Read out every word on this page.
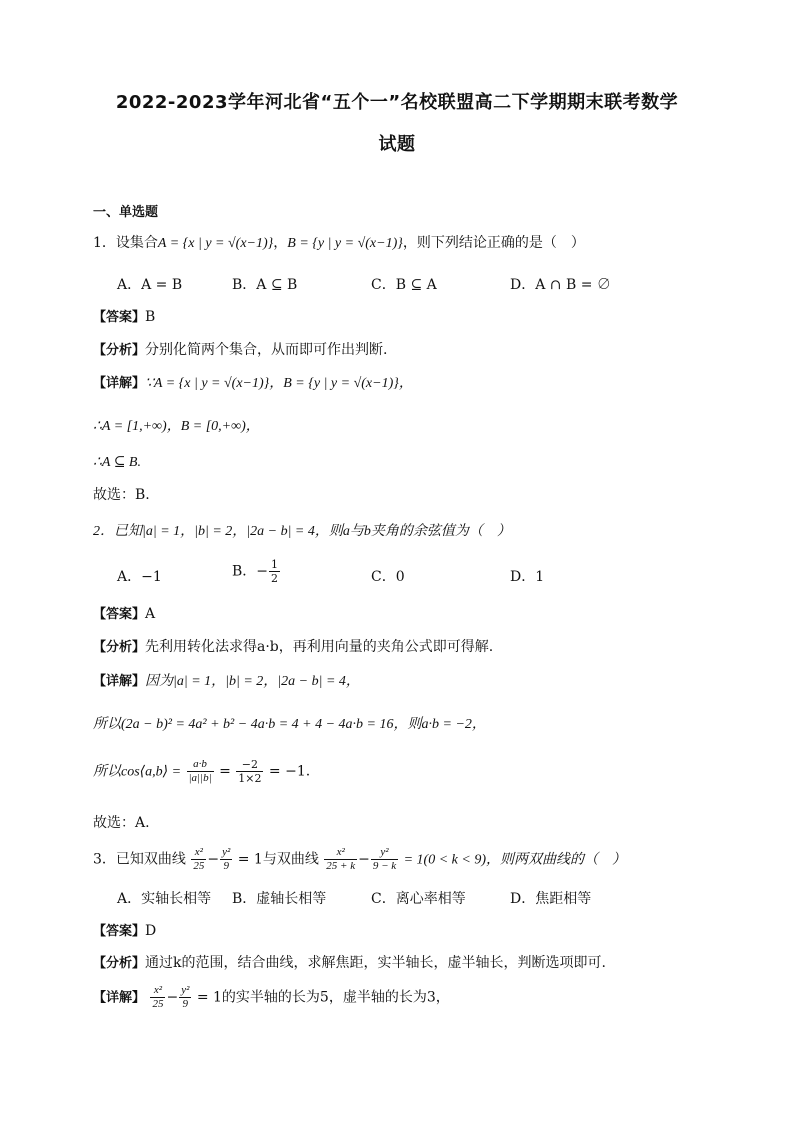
2022-2023学年河北省“五个一”名校联盟高二下学期期末联考数学
试题
一、单选题
1．设集合A = {x | y = √(x−1)}，B = {y | y = √(x−1)}，则下列结论正确的是（　）
A．A = B	B．A ⊆ B	C．B ⊆ A	D．A ∩ B = ∅
【答案】B
【分析】分别化简两个集合，从而即可作出判断.
【详解】∵A = {x | y = √(x−1)}，B = {y | y = √(x−1)}，
∴A = [1,+∞)，B = [0,+∞)，
∴A ⊆ B.
故选：B.
2．已知|a| = 1，|b| = 2，|2a − b| = 4，则a与b夹角的余弦值为（　）
A．−1	B．− $\frac{1}{2}$	C．0	D．1
【答案】A
【分析】先利用转化法求得a·b，再利用向量的夹角公式即可得解.
【详解】因为|a| = 1，|b| = 2，|2a − b| = 4，
所以(2a − b)² = 4a² + b² − 4a·b = 4 + 4 − 4a·b = 16，则a·b = −2，
所以cos⟨a,b⟩ = $\frac{a\cdot b}{|a||b|} = \frac{-2}{1\times 2} = -1$.
故选：A.
3．已知双曲线 $\frac{\text{x²}}{25} - \frac{\text{y²}}{9} = 1$与双曲线 $\frac{\text{x²}}{25 + k} - \frac{\text{y²}}{9 - k} = 1(0 < k < 9)$，则两双曲线的（　）
A．实轴长相等 B．虚轴长相等	C．离心率相等	D．焦距相等
【答案】D
【分析】通过k的范围，结合曲线，求解焦距，实半轴长，虚半轴长，判断选项即可.
【详解】 $\frac{\text{x²}}{25} - \frac{\text{y²}}{9} = 1$的实半轴的长为5，虚半轴的长为3，
